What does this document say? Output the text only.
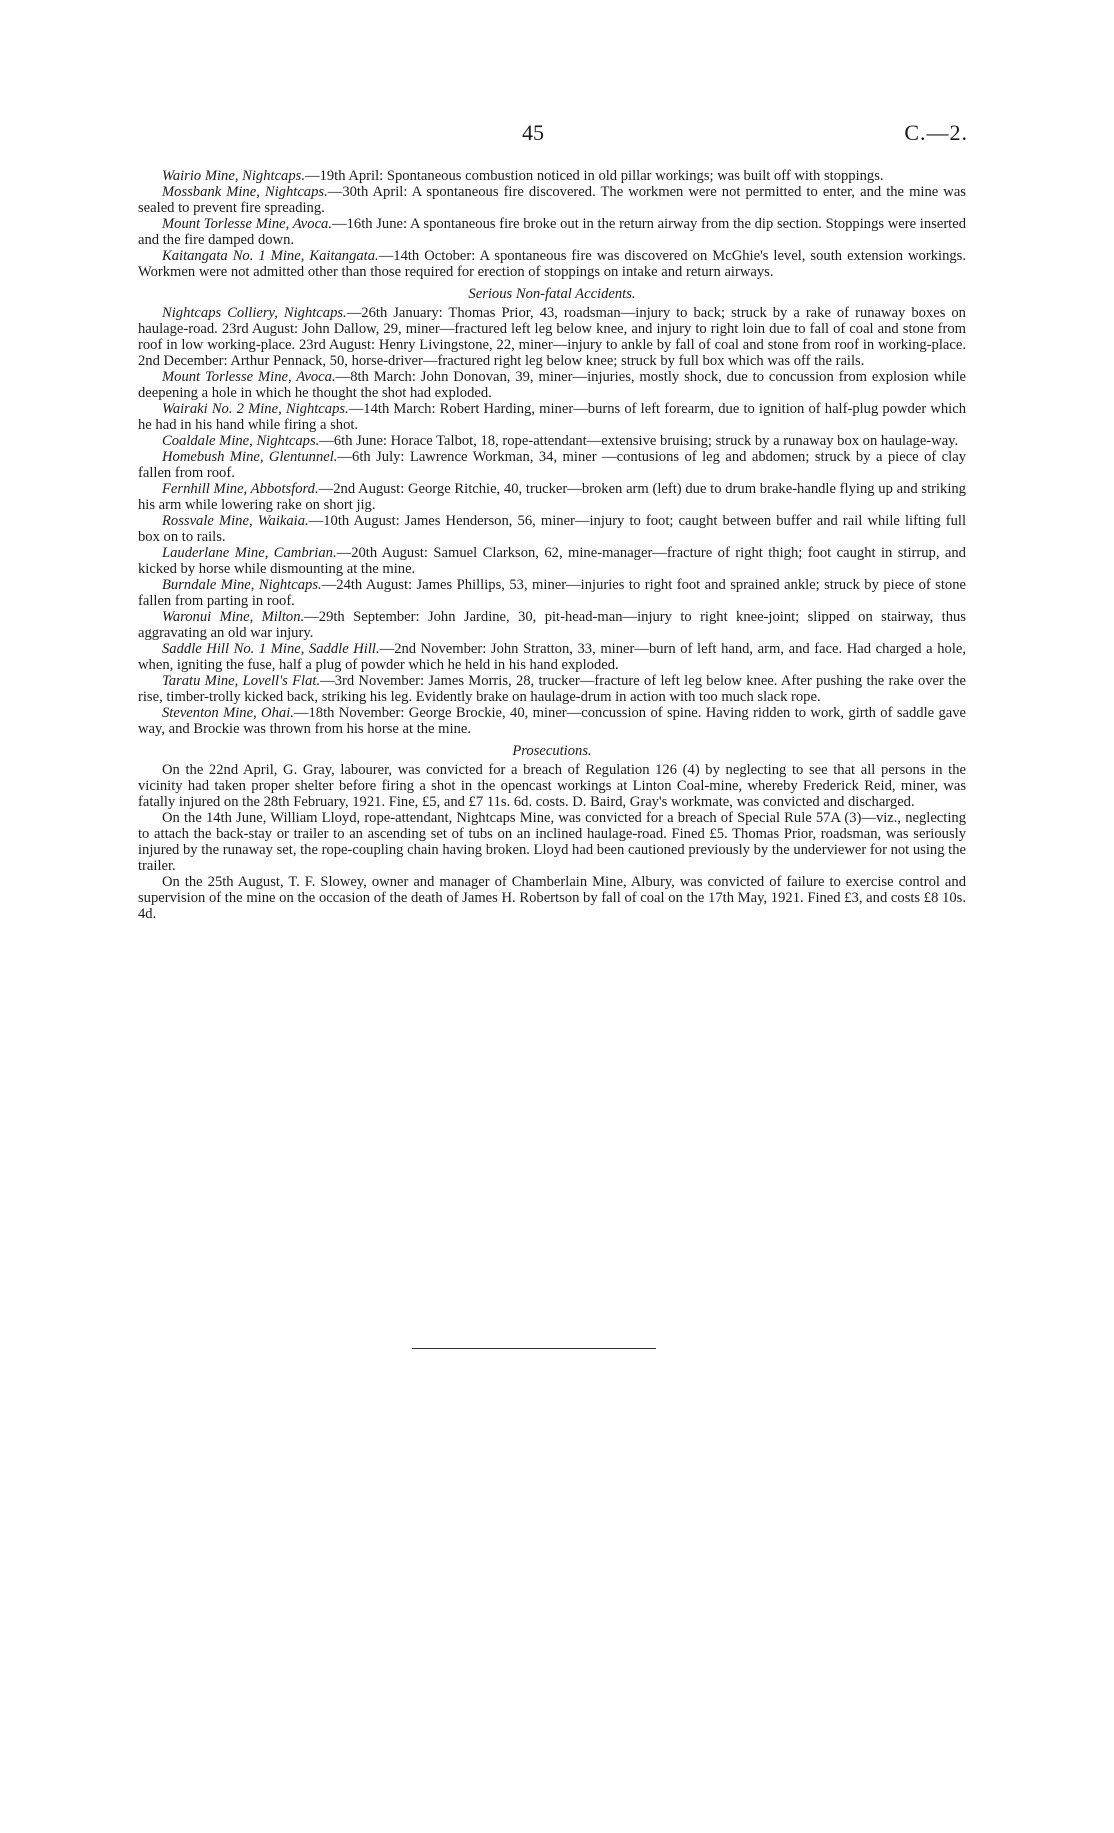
45	C.—2.

Wairio Mine, Nightcaps.—19th April: Spontaneous combustion noticed in old pillar workings; was built off with stoppings.

Mossbank Mine, Nightcaps.—30th April: A spontaneous fire discovered. The workmen were not permitted to enter, and the mine was sealed to prevent fire spreading.

Mount Torlesse Mine, Avoca.—16th June: A spontaneous fire broke out in the return airway from the dip section. Stoppings were inserted and the fire damped down.

Kaitangata No. 1 Mine, Kaitangata.—14th October: A spontaneous fire was discovered on McGhie's level, south extension workings. Workmen were not admitted other than those required for erection of stoppings on intake and return airways.

Serious Non-fatal Accidents.

Nightcaps Colliery, Nightcaps.—26th January: Thomas Prior, 43, roadsman—injury to back; struck by a rake of runaway boxes on haulage-road. 23rd August: John Dallow, 29, miner—fractured left leg below knee, and injury to right loin due to fall of coal and stone from roof in low working-place. 23rd August: Henry Livingstone, 22, miner—injury to ankle by fall of coal and stone from roof in working-place. 2nd December: Arthur Pennack, 50, horse-driver—fractured right leg below knee; struck by full box which was off the rails.

Mount Torlesse Mine, Avoca.—8th March: John Donovan, 39, miner—injuries, mostly shock, due to concussion from explosion while deepening a hole in which he thought the shot had exploded.

Wairaki No. 2 Mine, Nightcaps.—14th March: Robert Harding, miner—burns of left forearm, due to ignition of half-plug powder which he had in his hand while firing a shot.

Coaldale Mine, Nightcaps.—6th June: Horace Talbot, 18, rope-attendant—extensive bruising; struck by a runaway box on haulage-way.

Homebush Mine, Glentunnel.—6th July: Lawrence Workman, 34, miner —contusions of leg and abdomen; struck by a piece of clay fallen from roof.

Fernhill Mine, Abbotsford.—2nd August: George Ritchie, 40, trucker—broken arm (left) due to drum brake-handle flying up and striking his arm while lowering rake on short jig.

Rossvale Mine, Waikaia.—10th August: James Henderson, 56, miner—injury to foot; caught between buffer and rail while lifting full box on to rails.

Lauderlane Mine, Cambrian.—20th August: Samuel Clarkson, 62, mine-manager—fracture of right thigh; foot caught in stirrup, and kicked by horse while dismounting at the mine.

Burndale Mine, Nightcaps.—24th August: James Phillips, 53, miner—injuries to right foot and sprained ankle; struck by piece of stone fallen from parting in roof.

Waronui Mine, Milton.—29th September: John Jardine, 30, pit-head-man—injury to right knee-joint; slipped on stairway, thus aggravating an old war injury.

Saddle Hill No. 1 Mine, Saddle Hill.—2nd November: John Stratton, 33, miner—burn of left hand, arm, and face. Had charged a hole, when, igniting the fuse, half a plug of powder which he held in his hand exploded.

Taratu Mine, Lovell's Flat.—3rd November: James Morris, 28, trucker—fracture of left leg below knee. After pushing the rake over the rise, timber-trolly kicked back, striking his leg. Evidently brake on haulage-drum in action with too much slack rope.

Steventon Mine, Ohai.—18th November: George Brockie, 40, miner—concussion of spine. Having ridden to work, girth of saddle gave way, and Brockie was thrown from his horse at the mine.

Prosecutions.

On the 22nd April, G. Gray, labourer, was convicted for a breach of Regulation 126 (4) by neglecting to see that all persons in the vicinity had taken proper shelter before firing a shot in the opencast workings at Linton Coal-mine, whereby Frederick Reid, miner, was fatally injured on the 28th February, 1921. Fine, £5, and £7 11s. 6d. costs. D. Baird, Gray's workmate, was convicted and discharged.

On the 14th June, William Lloyd, rope-attendant, Nightcaps Mine, was convicted for a breach of Special Rule 57A (3)—viz., neglecting to attach the back-stay or trailer to an ascending set of tubs on an inclined haulage-road. Fined £5. Thomas Prior, roadsman, was seriously injured by the runaway set, the rope-coupling chain having broken. Lloyd had been cautioned previously by the underviewer for not using the trailer.

On the 25th August, T. F. Slowey, owner and manager of Chamberlain Mine, Albury, was convicted of failure to exercise control and supervision of the mine on the occasion of the death of James H. Robertson by fall of coal on the 17th May, 1921. Fined £3, and costs £8 10s. 4d.
